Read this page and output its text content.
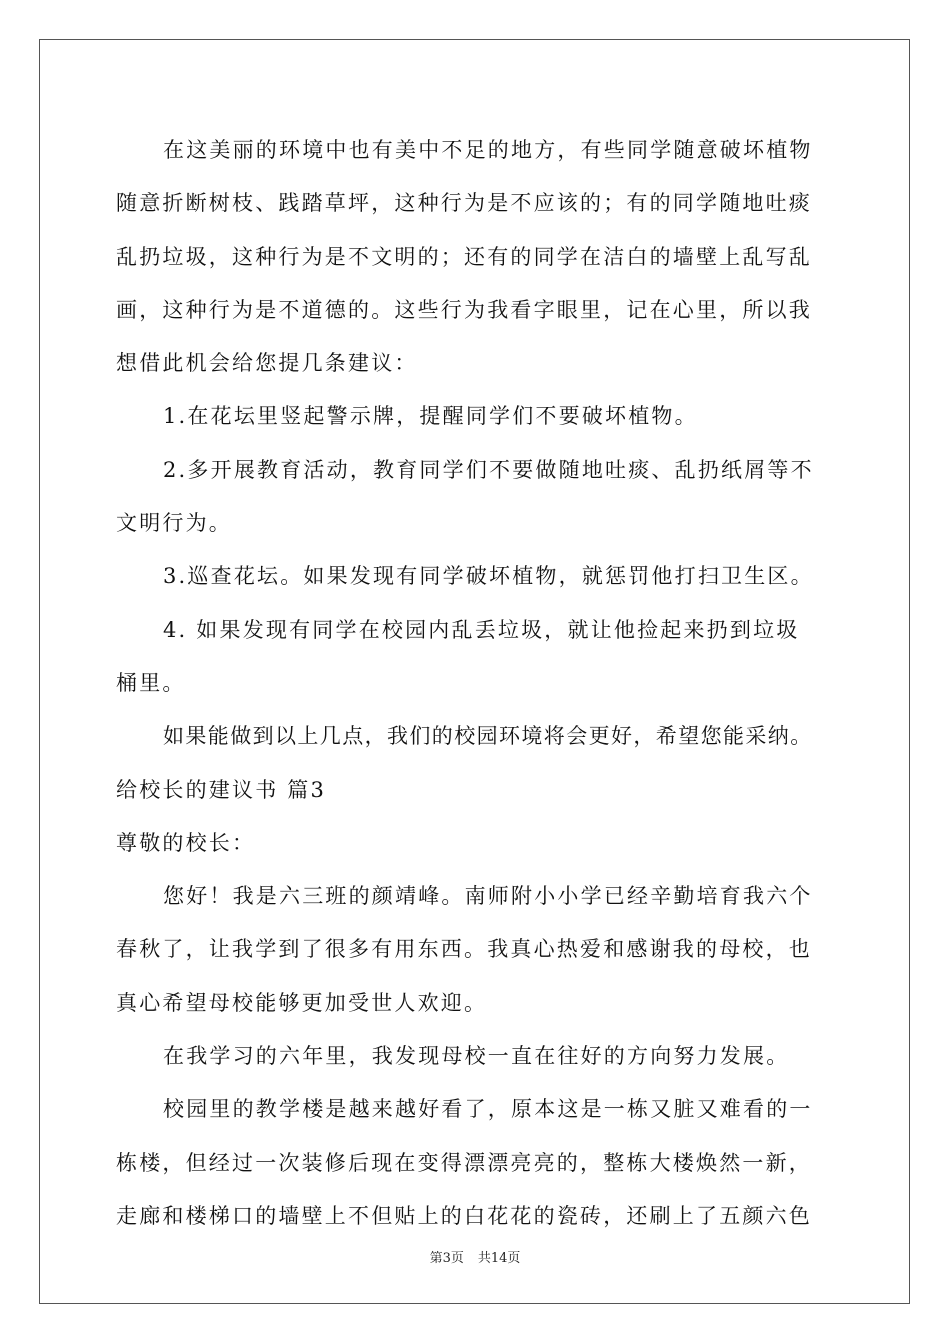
在这美丽的环境中也有美中不足的地方，有些同学随意破坏植物
随意折断树枝、践踏草坪，这种行为是不应该的；有的同学随地吐痰
乱扔垃圾，这种行为是不文明的；还有的同学在洁白的墙壁上乱写乱
画，这种行为是不道德的。这些行为我看字眼里，记在心里，所以我
想借此机会给您提几条建议：
1.在花坛里竖起警示牌，提醒同学们不要破坏植物。
2.多开展教育活动，教育同学们不要做随地吐痰、乱扔纸屑等不
文明行为。
3.巡查花坛。如果发现有同学破坏植物，就惩罚他打扫卫生区。
4. 如果发现有同学在校园内乱丢垃圾，就让他捡起来扔到垃圾
桶里。
如果能做到以上几点，我们的校园环境将会更好，希望您能采纳。
给校长的建议书 篇3
尊敬的校长：
您好！我是六三班的颜靖峰。南师附小小学已经辛勤培育我六个
春秋了，让我学到了很多有用东西。我真心热爱和感谢我的母校，也
真心希望母校能够更加受世人欢迎。
在我学习的六年里，我发现母校一直在往好的方向努力发展。
校园里的教学楼是越来越好看了，原本这是一栋又脏又难看的一
栋楼，但经过一次装修后现在变得漂漂亮亮的，整栋大楼焕然一新，
走廊和楼梯口的墙壁上不但贴上的白花花的瓷砖，还刷上了五颜六色
第3页 共14页
